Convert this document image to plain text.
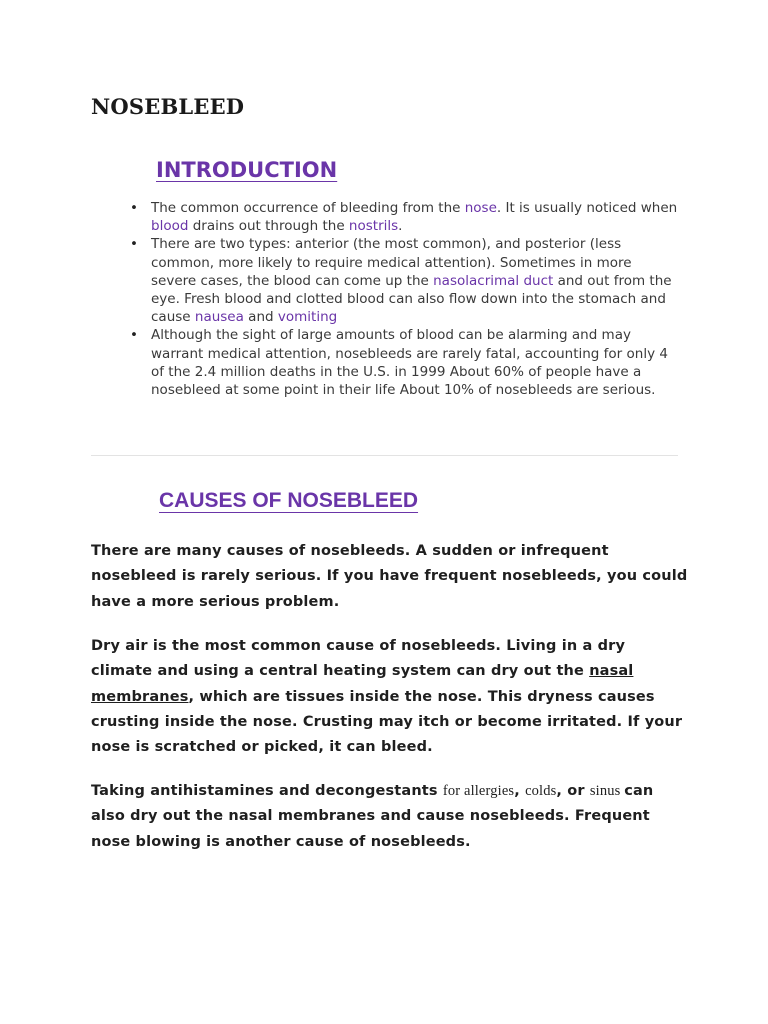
NOSEBLEED
INTRODUCTION
• The common occurrence of bleeding from the nose. It is usually noticed when blood drains out through the nostrils.
• There are two types: anterior (the most common), and posterior (less common, more likely to require medical attention). Sometimes in more severe cases, the blood can come up the nasolacrimal duct and out from the eye. Fresh blood and clotted blood can also flow down into the stomach and cause nausea and vomiting
• Although the sight of large amounts of blood can be alarming and may warrant medical attention, nosebleeds are rarely fatal, accounting for only 4 of the 2.4 million deaths in the U.S. in 1999 About 60% of people have a nosebleed at some point in their life About 10% of nosebleeds are serious.
CAUSES OF NOSEBLEED

There are many causes of nosebleeds. A sudden or infrequent nosebleed is rarely serious. If you have frequent nosebleeds, you could have a more serious problem.

Dry air is the most common cause of nosebleeds. Living in a dry climate and using a central heating system can dry out the nasal membranes, which are tissues inside the nose. This dryness causes crusting inside the nose. Crusting may itch or become irritated. If your nose is scratched or picked, it can bleed.

Taking antihistamines and decongestants for allergies, colds, or sinus can also dry out the nasal membranes and cause nosebleeds. Frequent nose blowing is another cause of nosebleeds.
